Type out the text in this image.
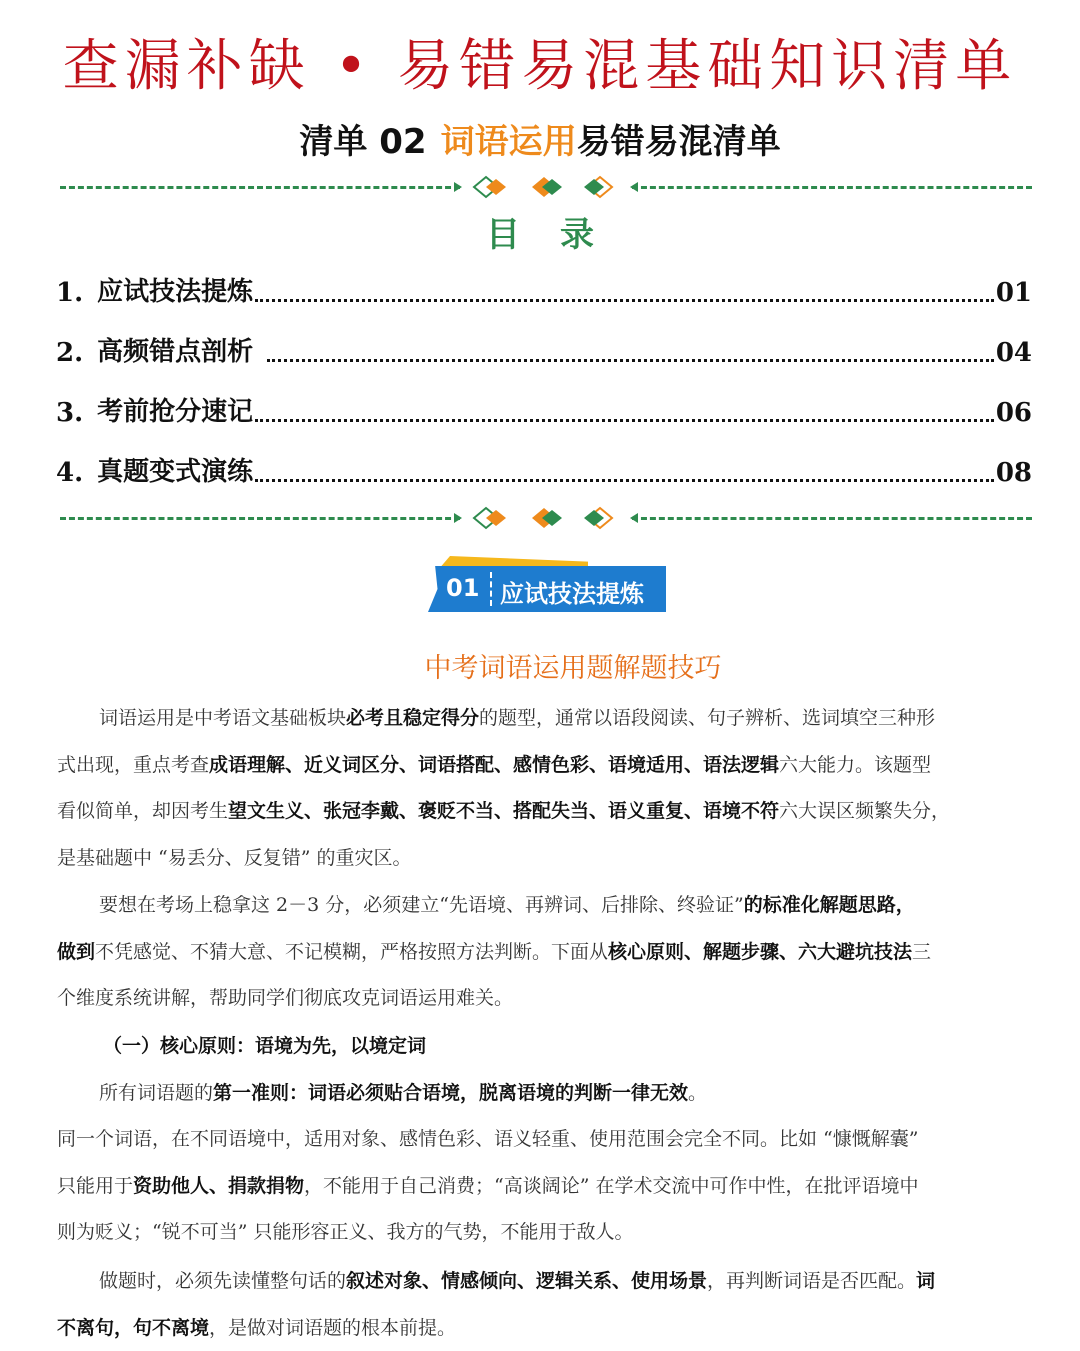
查漏补缺 • 易错易混基础知识清单
清单 02 词语运用易错易混清单
目 录
1. 应试技法提炼	01
2. 高频错点剖析	04
3. 考前抢分速记	06
4. 真题变式演练	08
01 应试技法提炼
中考词语运用题解题技巧
词语运用是中考语文基础板块必考且稳定得分的题型，通常以语段阅读、句子辨析、选词填空三种形
式出现，重点考查成语理解、近义词区分、词语搭配、感情色彩、语境适用、语法逻辑六大能力。该题型
看似简单，却因考生望文生义、张冠李戴、褒贬不当、搭配失当、语义重复、语境不符六大误区频繁失分，
是基础题中 “易丢分、反复错” 的重灾区。
要想在考场上稳拿这 2－3 分，必须建立“先语境、再辨词、后排除、终验证”的标准化解题思路，
做到不凭感觉、不猜大意、不记模糊，严格按照方法判断。下面从核心原则、解题步骤、六大避坑技法三
个维度系统讲解，帮助同学们彻底攻克词语运用难关。
（一）核心原则：语境为先，以境定词
所有词语题的第一准则：词语必须贴合语境，脱离语境的判断一律无效。
同一个词语，在不同语境中，适用对象、感情色彩、语义轻重、使用范围会完全不同。比如 “慷慨解囊”
只能用于资助他人、捐款捐物，不能用于自己消费；“高谈阔论” 在学术交流中可作中性，在批评语境中
则为贬义；“锐不可当” 只能形容正义、我方的气势，不能用于敌人。
做题时，必须先读懂整句话的叙述对象、情感倾向、逻辑关系、使用场景，再判断词语是否匹配。词
不离句，句不离境，是做对词语题的根本前提。
